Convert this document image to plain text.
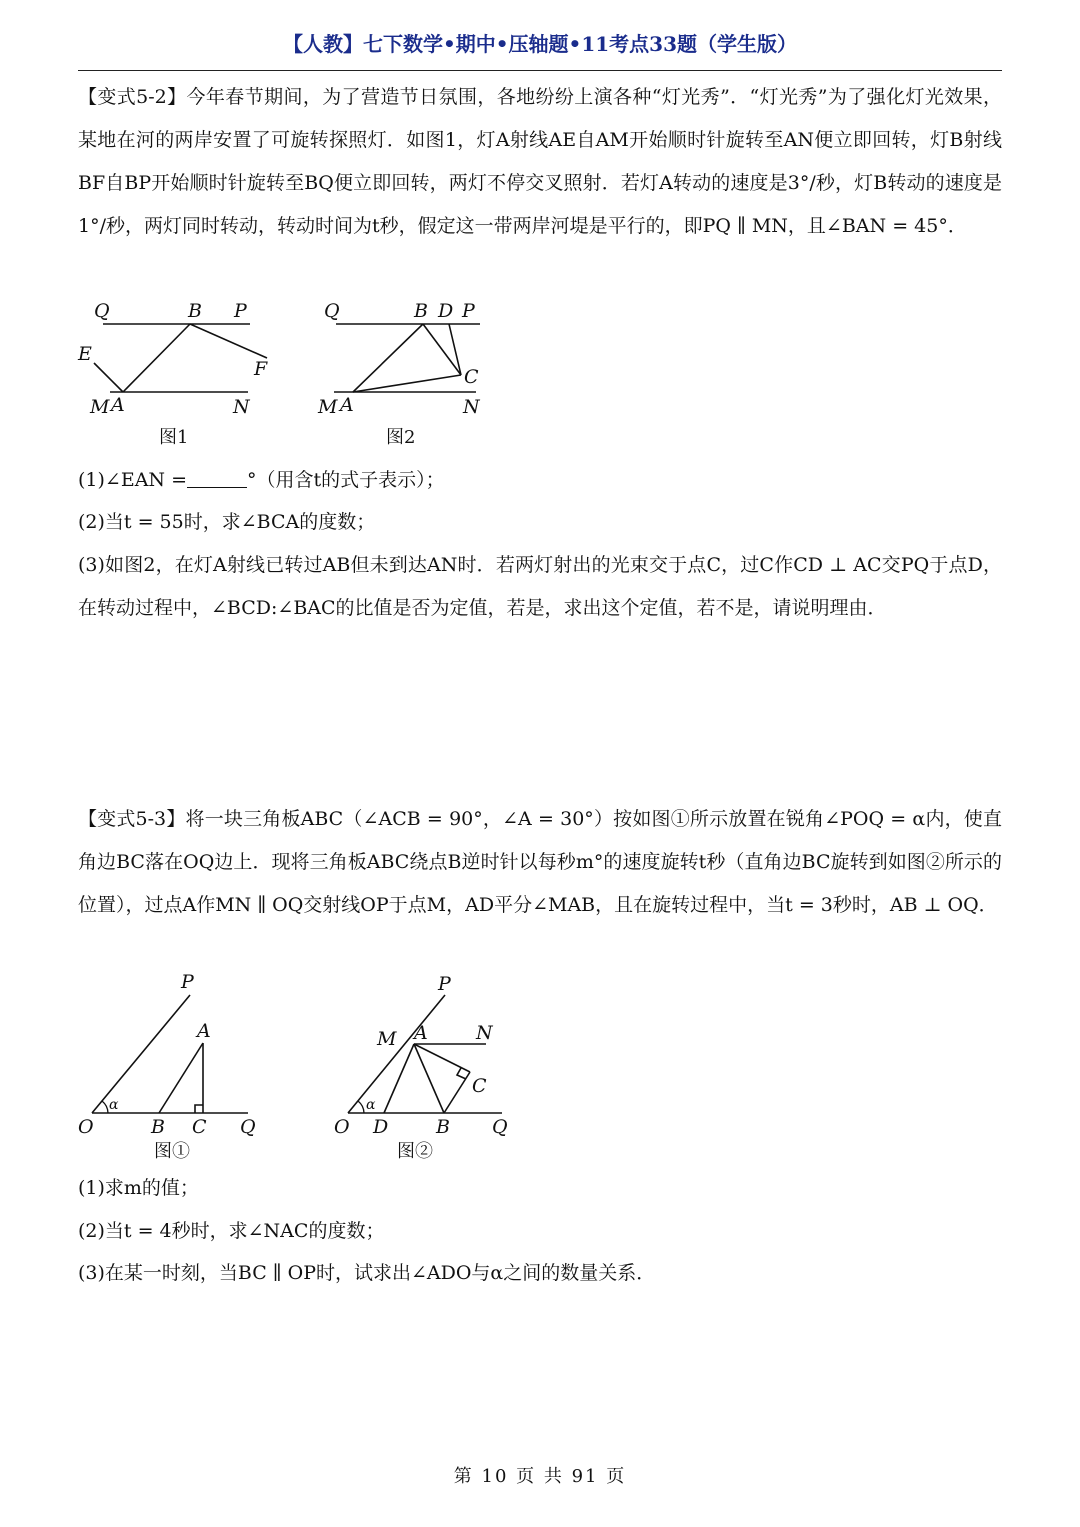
【人教】七下数学•期中•压轴题•11考点33题（学生版）

【变式5-2】今年春节期间，为了营造节日氛围，各地纷纷上演各种“灯光秀”．“灯光秀”为了强化灯光效果，某地在河的两岸安置了可旋转探照灯．如图1，灯A射线AE自AM开始顺时针旋转至AN便立即回转，灯B射线BF自BP开始顺时针旋转至BQ便立即回转，两灯不停交叉照射．若灯A转动的速度是3°/秒，灯B转动的速度是1°/秒，两灯同时转动，转动时间为t秒，假定这一带两岸河堤是平行的，即PQ ∥ MN，且∠BAN = 45°．

Q	B P
E
F
M A	N
图1
Q	B D P
C
M A	N
图2
(1)∠EAN =	°（用含t的式子表示）；
(2)当t = 55时，求∠BCA的度数；

(3)如图2，在灯A射线已转过AB但未到达AN时．若两灯射出的光束交于点C，过C作CD ⊥ AC交PQ于点D，在转动过程中，∠BCD:∠BAC的比值是否为定值，若是，求出这个定值，若不是，请说明理由．

【变式5-3】将一块三角板ABC（∠ACB = 90°，∠A = 30°）按如图①所示放置在锐角∠POQ = α内，使直角边BC落在OQ边上．现将三角板ABC绕点B逆时针以每秒m°的速度旋转t秒（直角边BC旋转到如图②所示的位置），过点A作MN ∥ OQ交射线OP于点M，AD平分∠MAB，且在旋转过程中，当t = 3秒时，AB ⊥ OQ．

P
A
α
O	B C Q
图①
P
M A	N
C
α
O D	B Q
图②
(1)求m的值；
(2)当t = 4秒时，求∠NAC的度数；
(3)在某一时刻，当BC ∥ OP时，试求出∠ADO与α之间的数量关系．
第 10 页 共 91 页
